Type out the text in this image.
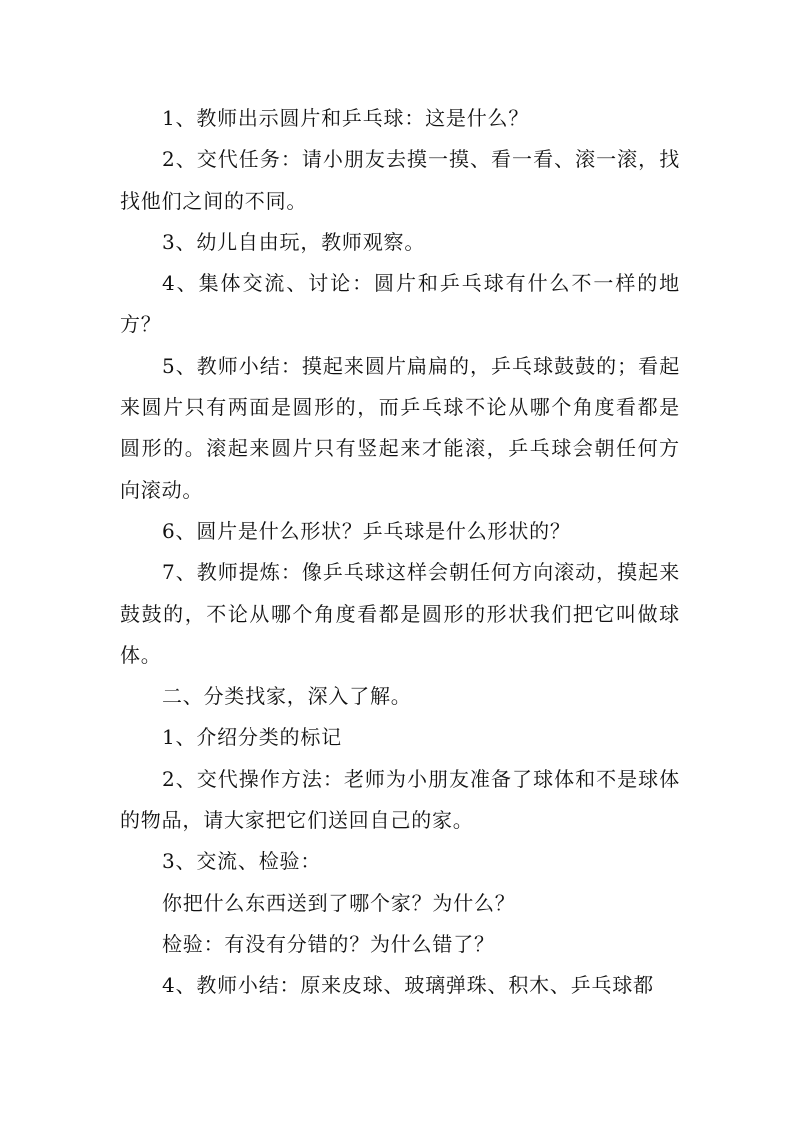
1、教师出示圆片和乒乓球：这是什么？

2、交代任务：请小朋友去摸一摸、看一看、滚一滚，找找他们之间的不同。

3、幼儿自由玩，教师观察。

4、集体交流、讨论：圆片和乒乓球有什么不一样的地方？

5、教师小结：摸起来圆片扁扁的，乒乓球鼓鼓的；看起来圆片只有两面是圆形的，而乒乓球不论从哪个角度看都是圆形的。滚起来圆片只有竖起来才能滚，乒乓球会朝任何方向滚动。

6、圆片是什么形状？乒乓球是什么形状的？

7、教师提炼：像乒乓球这样会朝任何方向滚动，摸起来鼓鼓的，不论从哪个角度看都是圆形的形状我们把它叫做球体。

二、分类找家，深入了解。

1、介绍分类的标记

2、交代操作方法：老师为小朋友准备了球体和不是球体的物品，请大家把它们送回自己的家。

3、交流、检验：

你把什么东西送到了哪个家？为什么？

检验：有没有分错的？为什么错了？

4、教师小结：原来皮球、玻璃弹珠、积木、乒乓球都
